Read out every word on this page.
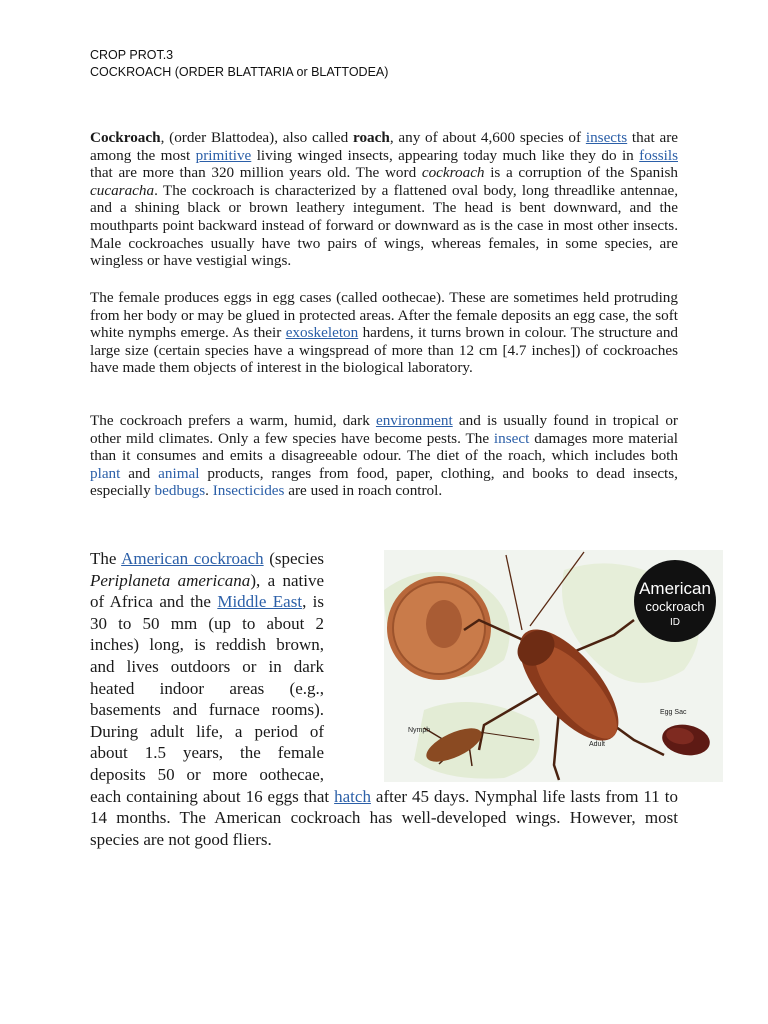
CROP PROT.3
COCKROACH (ORDER BLATTARIA or BLATTODEA)

Cockroach, (order Blattodea), also called roach, any of about 4,600 species of insects that are among the most primitive living winged insects, appearing today much like they do in fossils that are more than 320 million years old. The word cockroach is a corruption of the Spanish cucaracha. The cockroach is characterized by a flattened oval body, long threadlike antennae, and a shining black or brown leathery integument. The head is bent downward, and the mouthparts point backward instead of forward or downward as is the case in most other insects. Male cockroaches usually have two pairs of wings, whereas females, in some species, are wingless or have vestigial wings.

The female produces eggs in egg cases (called oothecae). These are sometimes held protruding from her body or may be glued in protected areas. After the female deposits an egg case, the soft white nymphs emerge. As their exoskeleton hardens, it turns brown in colour. The structure and large size (certain species have a wingspread of more than 12 cm [4.7 inches]) of cockroaches have made them objects of interest in the biological laboratory.

The cockroach prefers a warm, humid, dark environment and is usually found in tropical or other mild climates. Only a few species have become pests. The insect damages more material than it consumes and emits a disagreeable odour. The diet of the roach, which includes both plant and animal products, ranges from food, paper, clothing, and books to dead insects, especially bedbugs. Insecticides are used in roach control.

The American cockroach (species Periplaneta americana), a native of Africa and the Middle East, is 30 to 50 mm (up to about 2 inches) long, is reddish brown, and lives outdoors or in dark heated indoor areas (e.g., basements and furnace rooms). During adult life, a period of about 1.5 years, the female deposits 50 or more oothecae, each containing about 16 eggs that hatch after 45 days. Nymphal life lasts from 11 to 14 months. The American cockroach has well-developed wings. However, most species are not good fliers.

American
cockroach
ID
Nymph
Adult
Egg Sac
